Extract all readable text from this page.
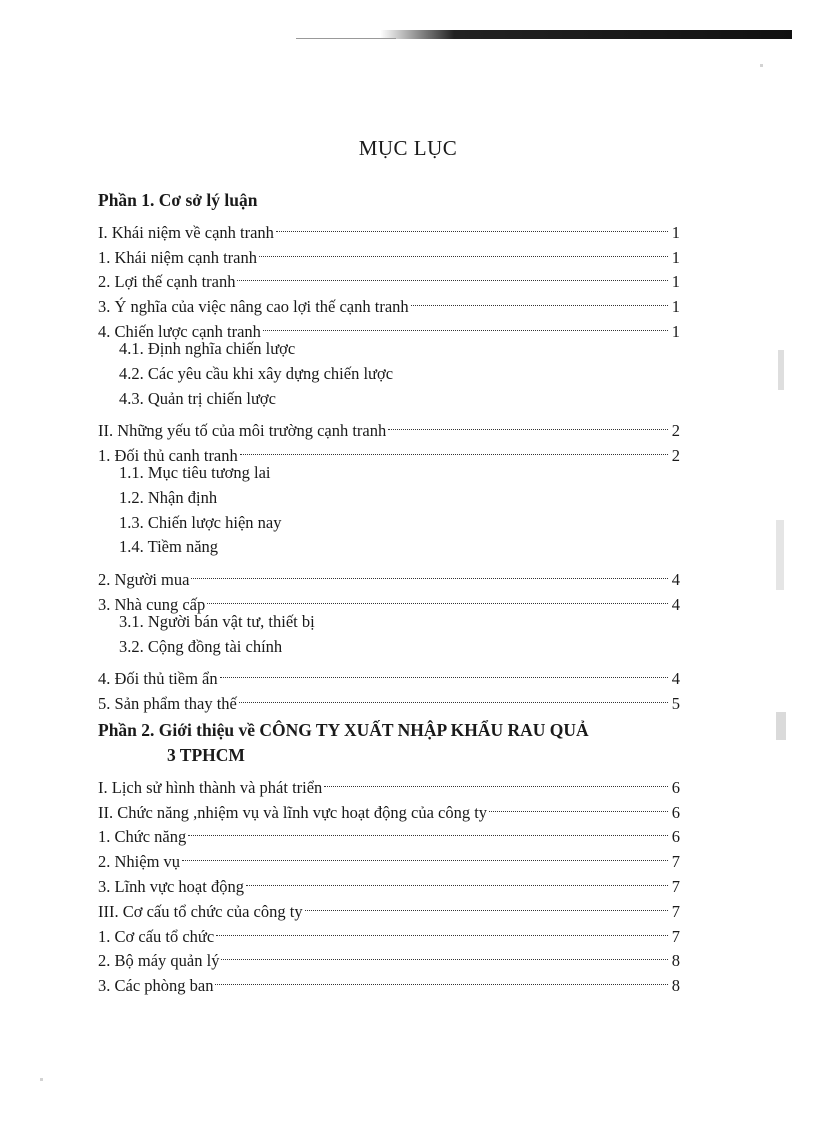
MỤC LỤC
Phần 1. Cơ sở lý luận
I. Khái niệm về cạnh tranh	1
1. Khái niệm cạnh tranh	1
2. Lợi thế cạnh tranh	1
3. Ý nghĩa của việc nâng cao lợi thế cạnh tranh	1
4. Chiến lược cạnh tranh	1
4.1. Định nghĩa chiến lược
4.2. Các yêu cầu khi xây dựng chiến lược
4.3. Quản trị chiến lược
II. Những yếu tố của môi trường cạnh tranh	2
1. Đối thủ canh tranh	2
1.1. Mục tiêu tương lai
1.2. Nhận định
1.3. Chiến lược hiện nay
1.4. Tiềm năng
2. Người mua	4
3. Nhà cung cấp	4
3.1. Người bán vật tư, thiết bị
3.2. Cộng đồng tài chính
4. Đối thủ tiềm ẩn	4
5. Sản phẩm thay thế	5
Phần 2. Giới thiệu về CÔNG TY XUẤT NHẬP KHẨU RAU QUẢ
3 TPHCM
I. Lịch sử hình thành và phát triển	6
II. Chức năng ,nhiệm vụ và lĩnh vực hoạt động của công ty	6
1. Chức năng	6
2. Nhiệm vụ	7
3. Lĩnh vực hoạt động	7
III. Cơ cấu tổ chức của công ty	7
1. Cơ cấu tổ chức	7
2. Bộ máy quản lý	8
3. Các phòng ban	8
